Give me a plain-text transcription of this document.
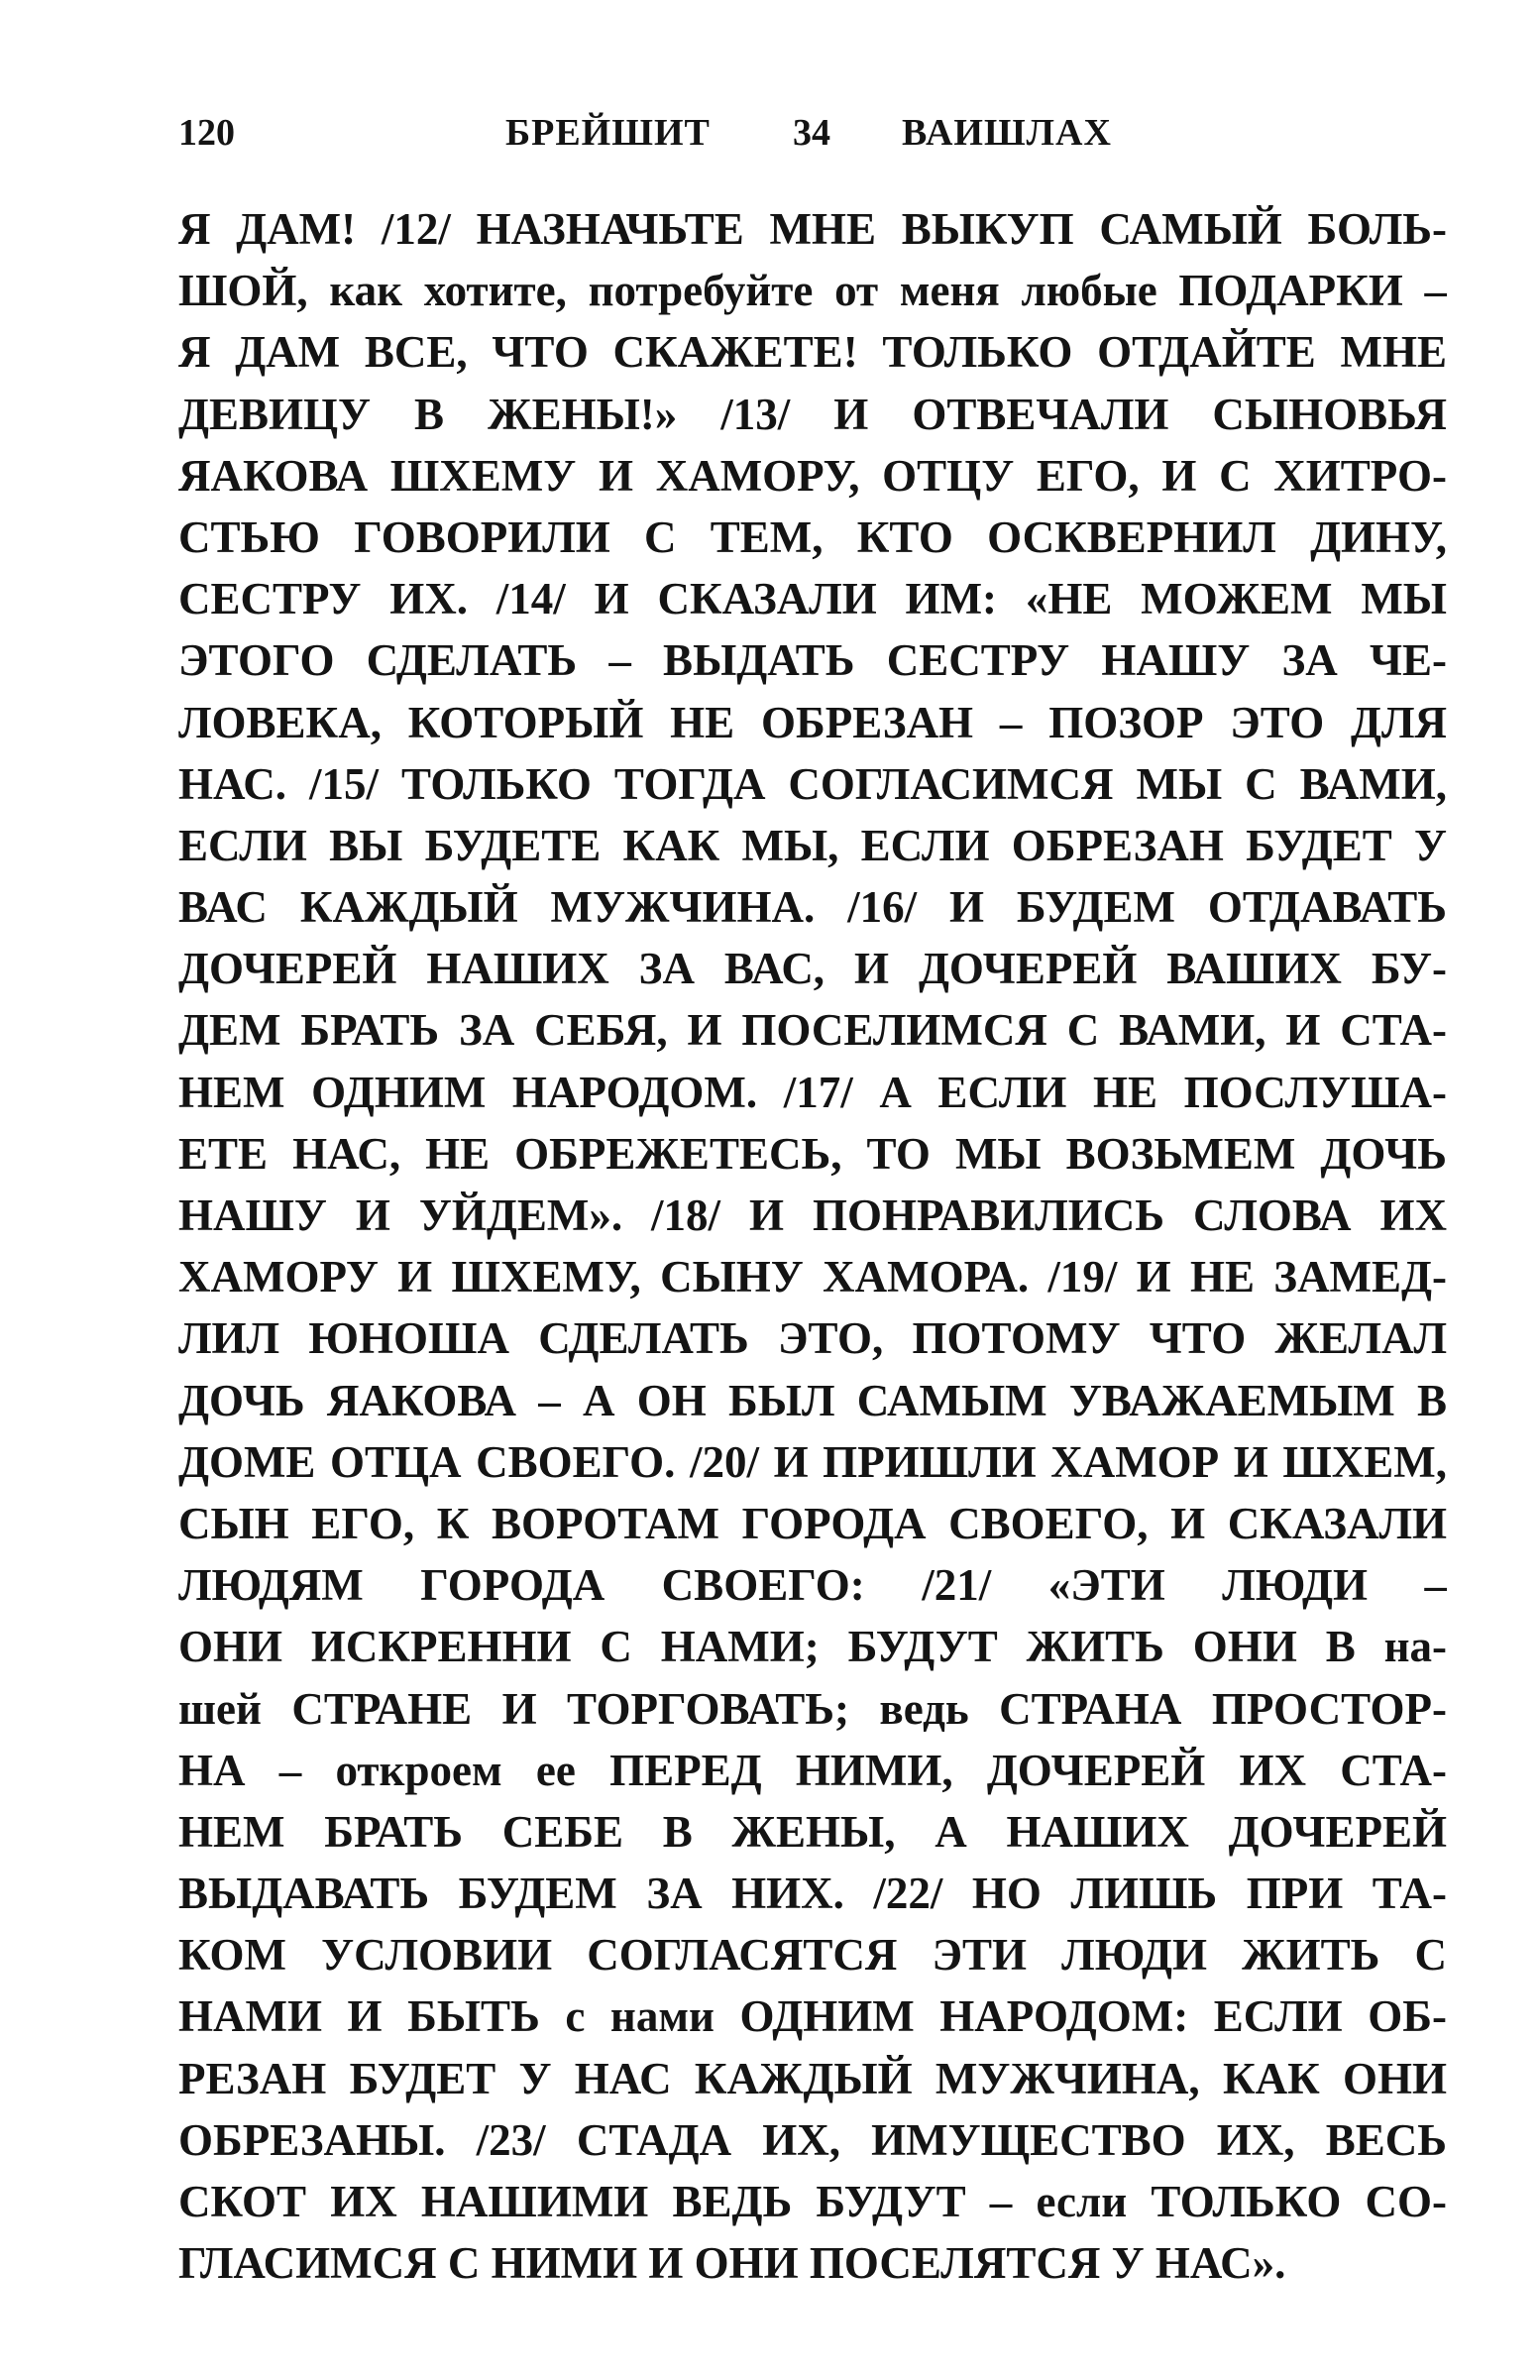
120	БРЕЙШИТ 34 ВАИШЛАХ
Я ДАМ! /12/ НАЗНАЧЬТЕ МНЕ ВЫКУП САМЫЙ БОЛЬ-
ШОЙ, как хотите, потребуйте от меня любые ПОДАРКИ –
Я ДАМ ВСЕ, ЧТО СКАЖЕТЕ! ТОЛЬКО ОТДАЙТЕ МНЕ
ДЕВИЦУ В ЖЕНЫ!» /13/ И ОТВЕЧАЛИ СЫНОВЬЯ
ЯАКОВА ШХЕМУ И ХАМОРУ, ОТЦУ ЕГО, И С ХИТРО-
СТЬЮ ГОВОРИЛИ С ТЕМ, КТО ОСКВЕРНИЛ ДИНУ,
СЕСТРУ ИХ. /14/ И СКАЗАЛИ ИМ: «НЕ МОЖЕМ МЫ
ЭТОГО СДЕЛАТЬ – ВЫДАТЬ СЕСТРУ НАШУ ЗА ЧЕ-
ЛОВЕКА, КОТОРЫЙ НЕ ОБРЕЗАН – ПОЗОР ЭТО ДЛЯ
НАС. /15/ ТОЛЬКО ТОГДА СОГЛАСИМСЯ МЫ С ВАМИ,
ЕСЛИ ВЫ БУДЕТЕ КАК МЫ, ЕСЛИ ОБРЕЗАН БУДЕТ У
ВАС КАЖДЫЙ МУЖЧИНА. /16/ И БУДЕМ ОТДАВАТЬ
ДОЧЕРЕЙ НАШИХ ЗА ВАС, И ДОЧЕРЕЙ ВАШИХ БУ-
ДЕМ БРАТЬ ЗА СЕБЯ, И ПОСЕЛИМСЯ С ВАМИ, И СТА-
НЕМ ОДНИМ НАРОДОМ. /17/ А ЕСЛИ НЕ ПОСЛУША-
ЕТЕ НАС, НЕ ОБРЕЖЕТЕСЬ, ТО МЫ ВОЗЬМЕМ ДОЧЬ
НАШУ И УЙДЕМ». /18/ И ПОНРАВИЛИСЬ СЛОВА ИХ
ХАМОРУ И ШХЕМУ, СЫНУ ХАМОРА. /19/ И НЕ ЗАМЕД-
ЛИЛ ЮНОША СДЕЛАТЬ ЭТО, ПОТОМУ ЧТО ЖЕЛАЛ
ДОЧЬ ЯАКОВА – А ОН БЫЛ САМЫМ УВАЖАЕМЫМ В
ДОМЕ ОТЦА СВОЕГО. /20/ И ПРИШЛИ ХАМОР И ШХЕМ,
СЫН ЕГО, К ВОРОТАМ ГОРОДА СВОЕГО, И СКАЗАЛИ
ЛЮДЯМ ГОРОДА СВОЕГО: /21/ «ЭТИ ЛЮДИ –
ОНИ ИСКРЕННИ С НАМИ; БУДУТ ЖИТЬ ОНИ В на-
шей СТРАНЕ И ТОРГОВАТЬ; ведь СТРАНА ПРОСТОР-
НА – откроем ее ПЕРЕД НИМИ, ДОЧЕРЕЙ ИХ СТА-
НЕМ БРАТЬ СЕБЕ В ЖЕНЫ, А НАШИХ ДОЧЕРЕЙ
ВЫДАВАТЬ БУДЕМ ЗА НИХ. /22/ НО ЛИШЬ ПРИ ТА-
КОМ УСЛОВИИ СОГЛАСЯТСЯ ЭТИ ЛЮДИ ЖИТЬ С
НАМИ И БЫТЬ с нами ОДНИМ НАРОДОМ: ЕСЛИ ОБ-
РЕЗАН БУДЕТ У НАС КАЖДЫЙ МУЖЧИНА, КАК ОНИ
ОБРЕЗАНЫ. /23/ СТАДА ИХ, ИМУЩЕСТВО ИХ, ВЕСЬ
СКОТ ИХ НАШИМИ ВЕДЬ БУДУТ – если ТОЛЬКО СО-
ГЛАСИМСЯ С НИМИ И ОНИ ПОСЕЛЯТСЯ У НАС».
